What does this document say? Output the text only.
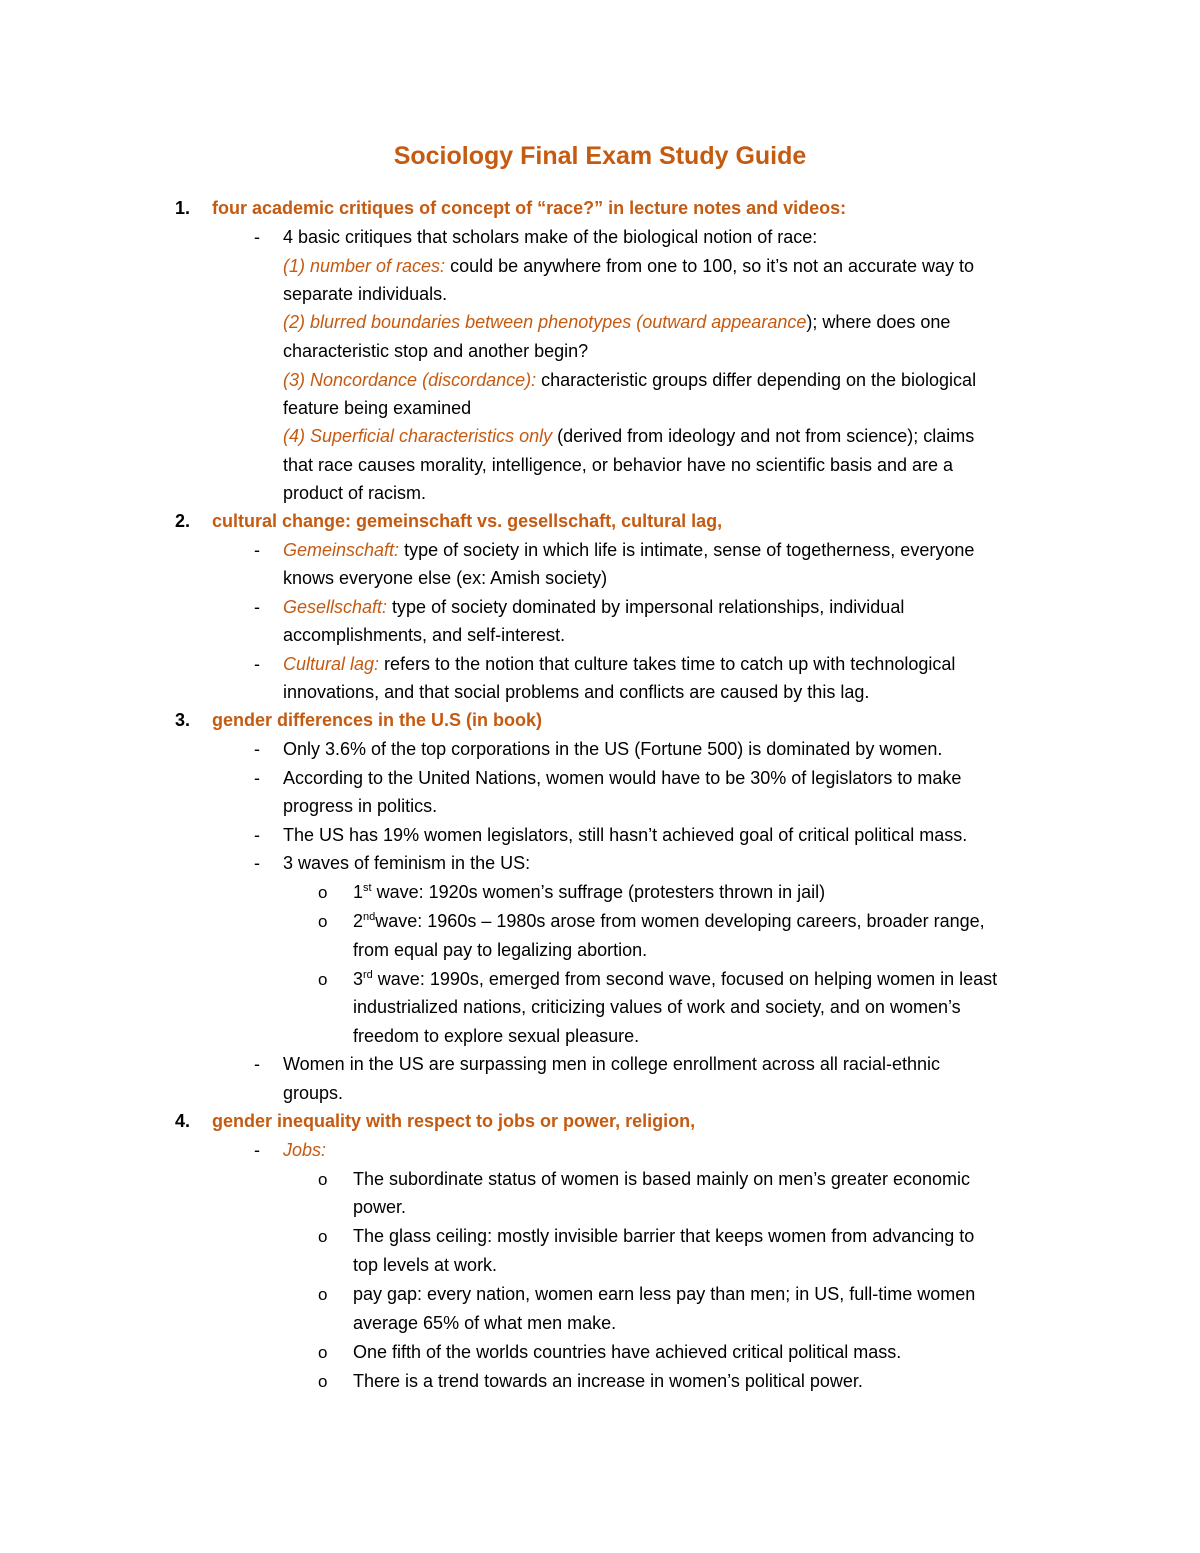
Sociology Final Exam Study Guide
1. four academic critiques of concept of “race?” in lecture notes and videos:
- 4 basic critiques that scholars make of the biological notion of race:
(1) number of races: could be anywhere from one to 100, so it’s not an accurate way to
separate individuals.
(2) blurred boundaries between phenotypes (outward appearance); where does one
characteristic stop and another begin?
(3) Noncordance (discordance): characteristic groups differ depending on the biological
feature being examined
(4) Superficial characteristics only (derived from ideology and not from science); claims
that race causes morality, intelligence, or behavior have no scientific basis and are a
product of racism.
2. cultural change: gemeinschaft vs. gesellschaft, cultural lag,
- Gemeinschaft: type of society in which life is intimate, sense of togetherness, everyone
knows everyone else (ex: Amish society)
- Gesellschaft: type of society dominated by impersonal relationships, individual
accomplishments, and self-interest.
- Cultural lag: refers to the notion that culture takes time to catch up with technological
innovations, and that social problems and conflicts are caused by this lag.
3. gender differences in the U.S (in book)
- Only 3.6% of the top corporations in the US (Fortune 500) is dominated by women.
- According to the United Nations, women would have to be 30% of legislators to make
progress in politics.
- The US has 19% women legislators, still hasn’t achieved goal of critical political mass.
- 3 waves of feminism in the US:
o 1st wave: 1920s women’s suffrage (protesters thrown in jail)
o 2ndwave: 1960s – 1980s arose from women developing careers, broader range,
from equal pay to legalizing abortion.
o 3rd wave: 1990s, emerged from second wave, focused on helping women in least
industrialized nations, criticizing values of work and society, and on women’s
freedom to explore sexual pleasure.
- Women in the US are surpassing men in college enrollment across all racial-ethnic
groups.
4. gender inequality with respect to jobs or power, religion,
- Jobs:
o The subordinate status of women is based mainly on men’s greater economic
power.
o The glass ceiling: mostly invisible barrier that keeps women from advancing to
top levels at work.
o pay gap: every nation, women earn less pay than men; in US, full-time women
average 65% of what men make.
o One fifth of the worlds countries have achieved critical political mass.
o There is a trend towards an increase in women’s political power.
